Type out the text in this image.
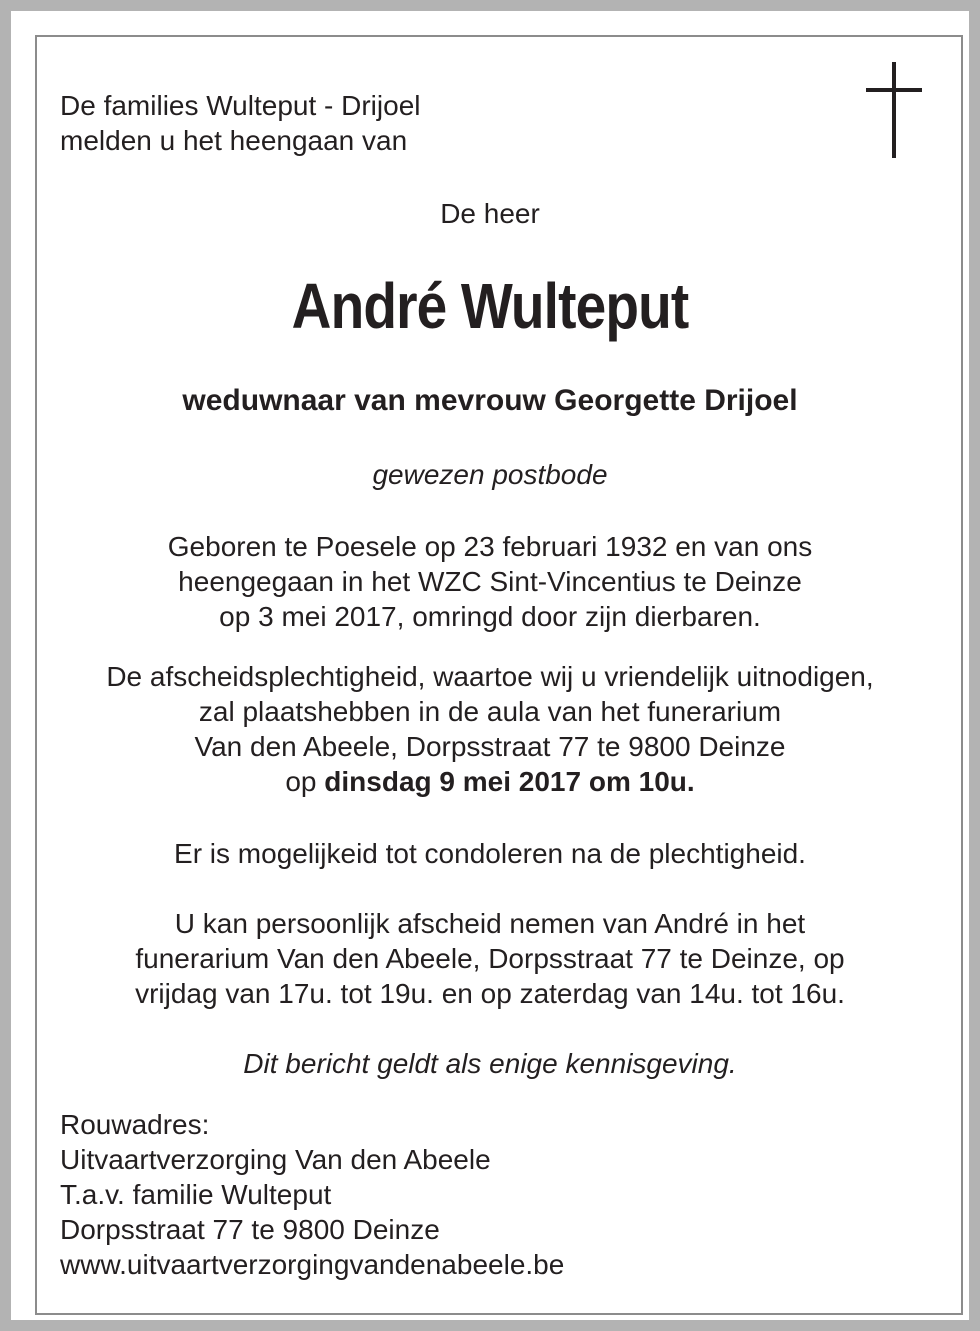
De families Wulteput - Drijoel
melden u het heengaan van
De heer
André Wulteput
weduwnaar van mevrouw Georgette Drijoel
gewezen postbode
Geboren te Poesele op 23 februari 1932 en van ons
heengegaan in het WZC Sint-Vincentius te Deinze
op 3 mei 2017, omringd door zijn dierbaren.
De afscheidsplechtigheid, waartoe wij u vriendelijk uitnodigen,
zal plaatshebben in de aula van het funerarium
Van den Abeele, Dorpsstraat 77 te 9800 Deinze
op dinsdag 9 mei 2017 om 10u.
Er is mogelijkeid tot condoleren na de plechtigheid.
U kan persoonlijk afscheid nemen van André in het
funerarium Van den Abeele, Dorpsstraat 77 te Deinze, op
vrijdag van 17u. tot 19u. en op zaterdag van 14u. tot 16u.
Dit bericht geldt als enige kennisgeving.
Rouwadres:
Uitvaartverzorging Van den Abeele
T.a.v. familie Wulteput
Dorpsstraat 77 te 9800 Deinze
www.uitvaartverzorgingvandenabeele.be
